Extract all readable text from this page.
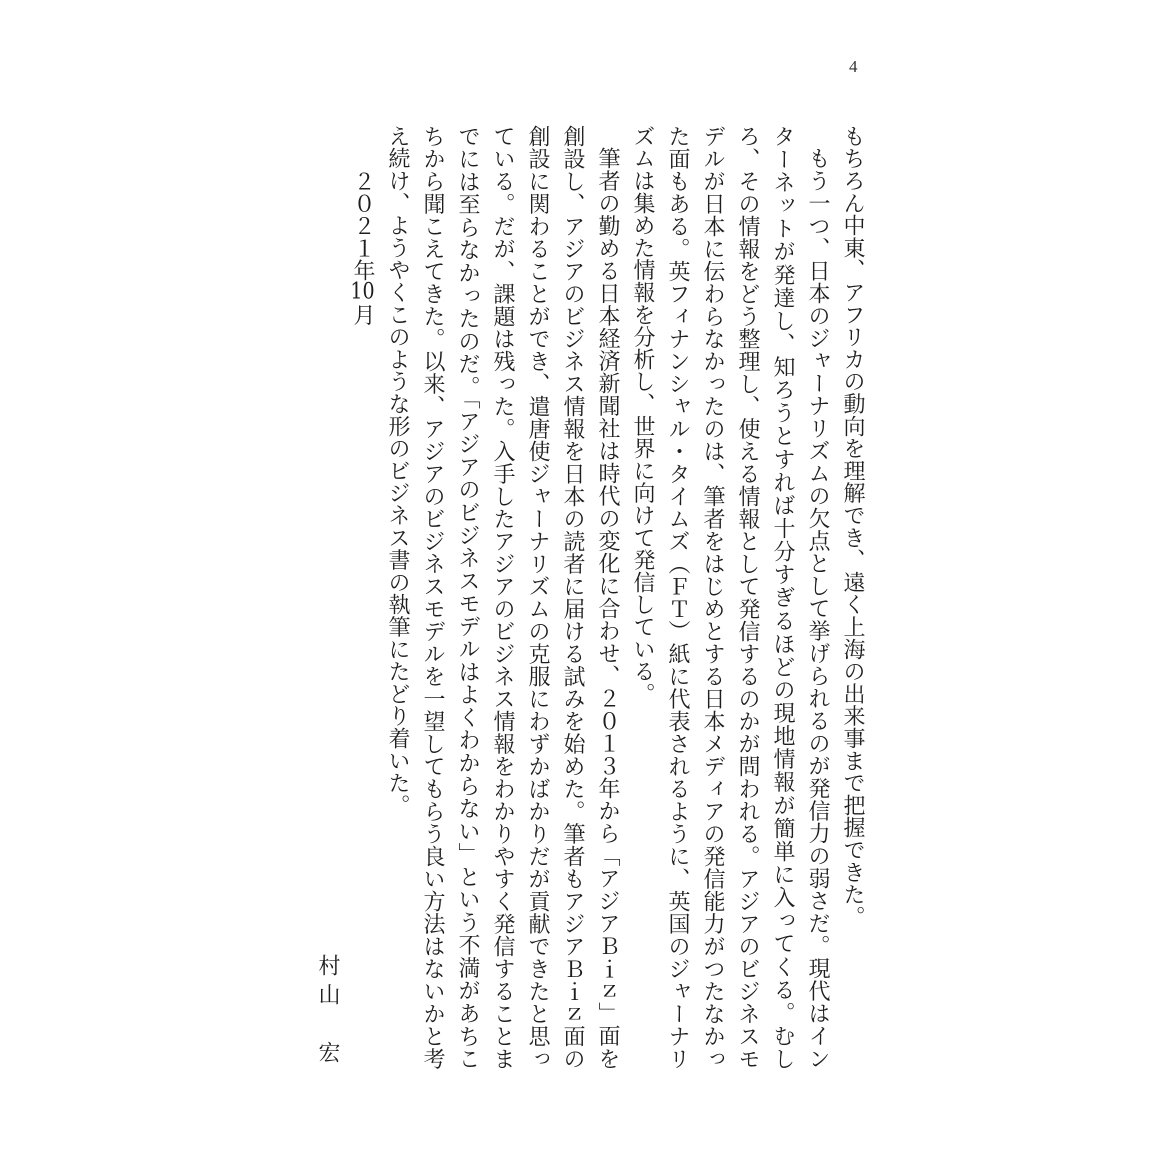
4
もちろん中東、アフリカの動向を理解でき、遠く上海の出来事まで把握できた。
もう一つ、日本のジャーナリズムの欠点として挙げられるのが発信力の弱さだ。現代はイン
ターネットが発達し、知ろうとすれば十分すぎるほどの現地情報が簡単に入ってくる。むし
ろ、その情報をどう整理し、使える情報として発信するのかが問われる。アジアのビジネスモ
デルが日本に伝わらなかったのは、筆者をはじめとする日本メディアの発信能力がつたなかっ
た面もある。英フィナンシャル・タイムズ（ＦＴ）紙に代表されるように、英国のジャーナリ
ズムは集めた情報を分析し、世界に向けて発信している。
筆者の勤める日本経済新聞社は時代の変化に合わせ、２０１３年から「アジアＢｉｚ」面を
創設し、アジアのビジネス情報を日本の読者に届ける試みを始めた。筆者もアジアＢｉｚ面の
創設に関わることができ、遣唐使ジャーナリズムの克服にわずかばかりだが貢献できたと思っ
ている。だが、課題は残った。入手したアジアのビジネス情報をわかりやすく発信することま
でには至らなかったのだ。「アジアのビジネスモデルはよくわからない」という不満があちこ
ちから聞こえてきた。以来、アジアのビジネスモデルを一望してもらう良い方法はないかと考
え続け、ようやくこのような形のビジネス書の執筆にたどり着いた。
２０２１年10月
村山　宏
